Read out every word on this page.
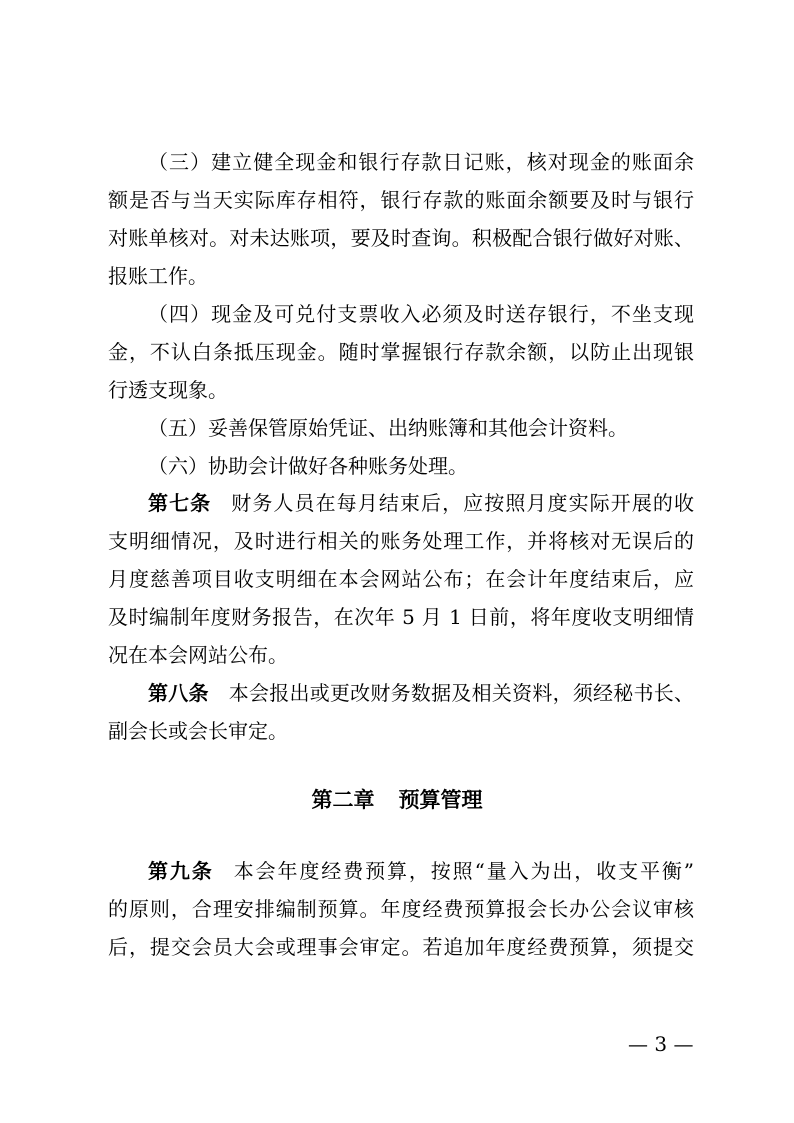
（三）建立健全现金和银行存款日记账，核对现金的账面余
额是否与当天实际库存相符，银行存款的账面余额要及时与银行
对账单核对。对未达账项，要及时查询。积极配合银行做好对账、
报账工作。
（四）现金及可兑付支票收入必须及时送存银行，不坐支现
金，不认白条抵压现金。随时掌握银行存款余额，以防止出现银
行透支现象。
（五）妥善保管原始凭证、出纳账簿和其他会计资料。
（六）协助会计做好各种账务处理。
第七条 财务人员在每月结束后，应按照月度实际开展的收
支明细情况，及时进行相关的账务处理工作，并将核对无误后的
月度慈善项目收支明细在本会网站公布；在会计年度结束后，应
及时编制年度财务报告，在次年 5 月 1 日前，将年度收支明细情
况在本会网站公布。
第八条 本会报出或更改财务数据及相关资料，须经秘书长、
副会长或会长审定。
第二章 预算管理
第九条 本会年度经费预算，按照“量入为出，收支平衡”
的原则，合理安排编制预算。年度经费预算报会长办公会议审核
后，提交会员大会或理事会审定。若追加年度经费预算，须提交
— 3 —
